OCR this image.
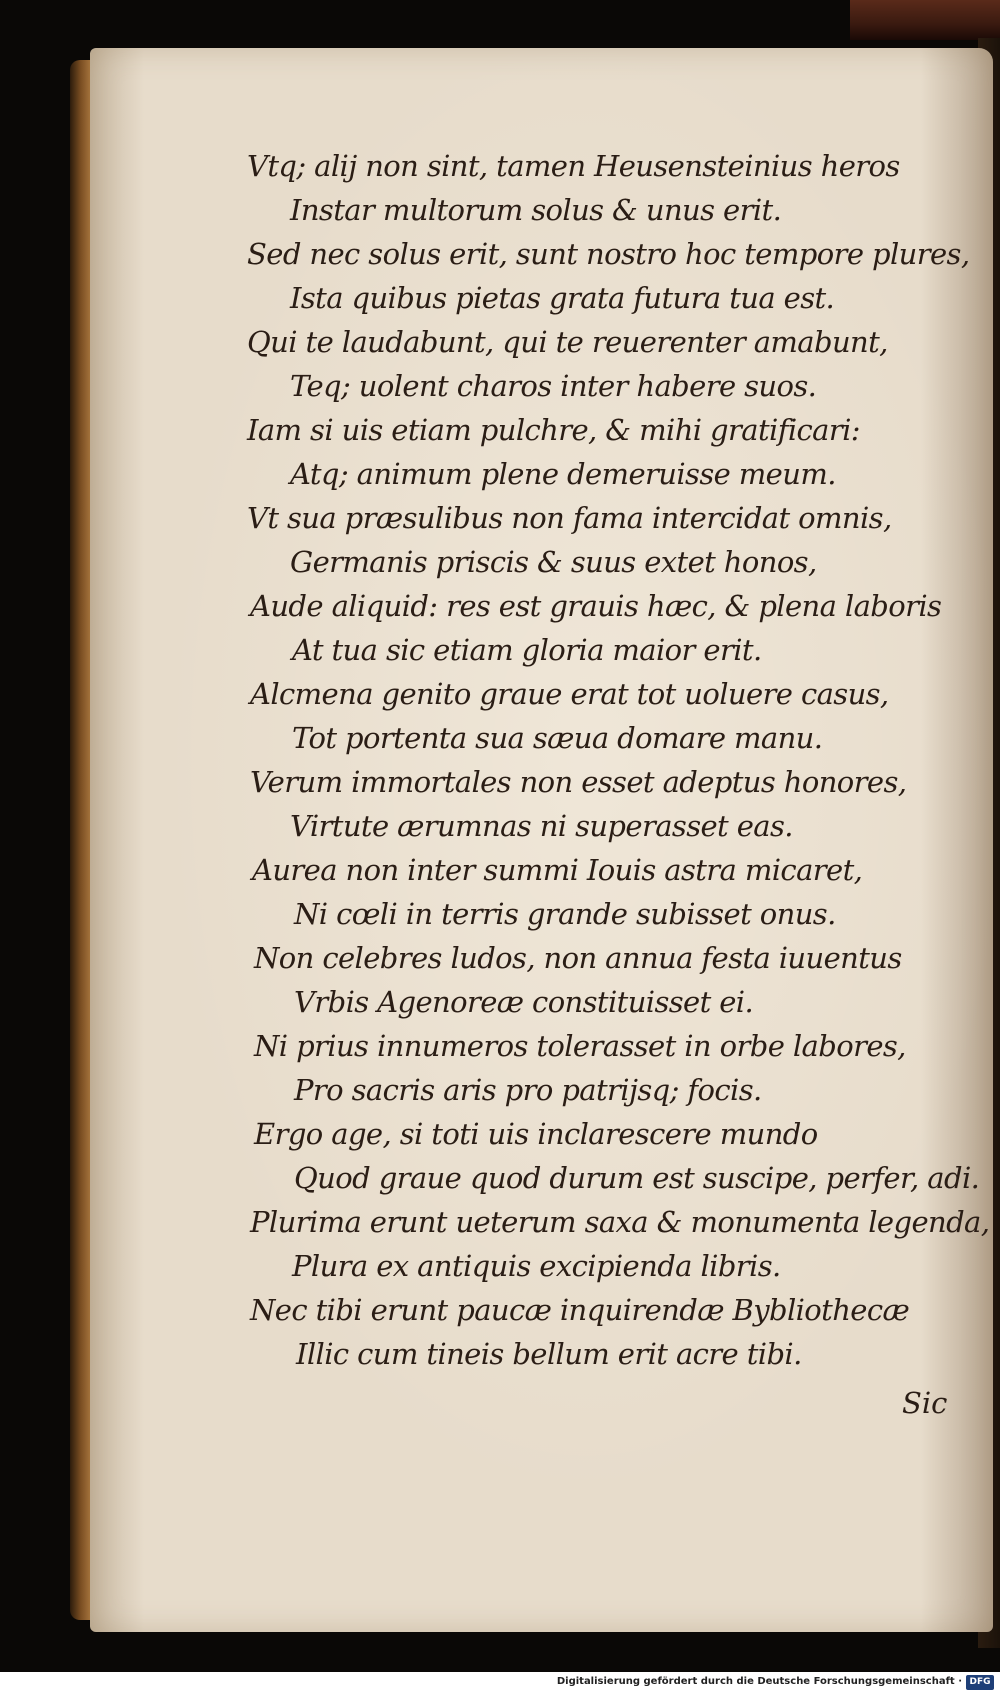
Vtq; alij non sint, tamen Heusensteinius heros
Instar multorum solus & unus erit.
Sed nec solus erit, sunt nostro hoc tempore plures,
Ista quibus pietas grata futura tua est.
Qui te laudabunt, qui te reuerenter amabunt,
Teq; uolent charos inter habere suos.
Iam si uis etiam pulchre, & mihi gratificari:
Atq; animum plene demeruisse meum.
Vt sua præsulibus non fama intercidat omnis,
Germanis priscis & suus extet honos,
Aude aliquid: res est grauis hæc, & plena laboris
At tua sic etiam gloria maior erit.
Alcmena genito graue erat tot uoluere casus,
Tot portenta sua sæua domare manu.
Verum immortales non esset adeptus honores,
Virtute ærumnas ni superasset eas.
Aurea non inter summi Iouis astra micaret,
Ni cœli in terris grande subisset onus.
Non celebres ludos, non annua festa iuuentus
Vrbis Agenoreæ constituisset ei.
Ni prius innumeros tolerasset in orbe labores,
Pro sacris aris pro patrijsq; focis.
Ergo age, si toti uis inclarescere mundo
Quod graue quod durum est suscipe, perfer, adi.
Plurima erunt ueterum saxa & monumenta legenda,
Plura ex antiquis excipienda libris.
Nec tibi erunt paucæ inquirendæ Bybliothecæ
Illic cum tineis bellum erit acre tibi.
Sic
Digitalisierung gefördert durch die Deutsche Forschungsgemeinschaft · DFG
